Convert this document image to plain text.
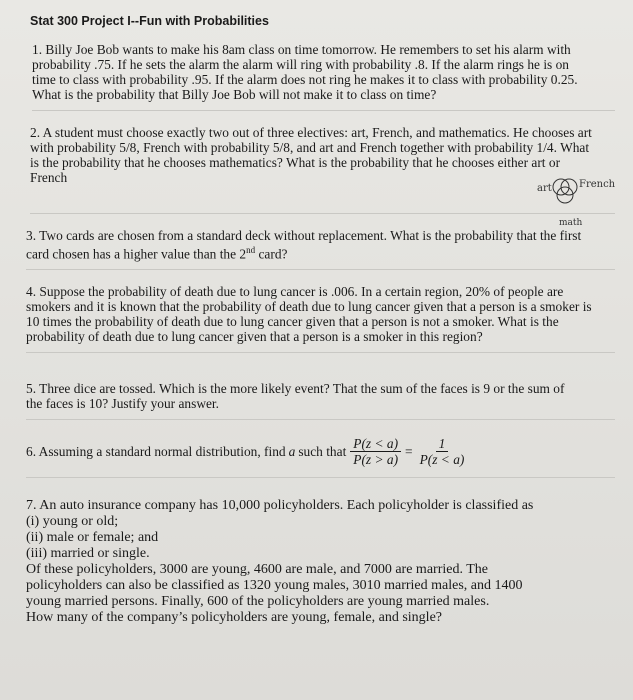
Stat 300 Project I--Fun with Probabilities
1. Billy Joe Bob wants to make his 8am class on time tomorrow. He remembers to set his alarm with
probability .75. If he sets the alarm the alarm will ring with probability .8. If the alarm rings he is on
time to class with probability .95. If the alarm does not ring he makes it to class with probability 0.25.
What is the probability that Billy Joe Bob will not make it to class on time?
2. A student must choose exactly two out of three electives: art, French, and mathematics. He chooses art
with probability 5/8, French with probability 5/8, and art and French together with probability 1/4. What
is the probability that he chooses mathematics? What is the probability that he chooses either art or
French
art	French
math
3. Two cards are chosen from a standard deck without replacement. What is the probability that the first
card chosen has a higher value than the 2nd card?
4. Suppose the probability of death due to lung cancer is .006. In a certain region, 20% of people are
smokers and it is known that the probability of death due to lung cancer given that a person is a smoker is
10 times the probability of death due to lung cancer given that a person is not a smoker. What is the
probability of death due to lung cancer given that a person is a smoker in this region?
5. Three dice are tossed. Which is the more likely event? That the sum of the faces is 9 or the sum of
the faces is 10? Justify your answer.
6. Assuming a standard normal distribution, find a such that $\frac{P(z < a)}{P(z > a)} = \frac{1}{P(z < a)}$
7. An auto insurance company has 10,000 policyholders. Each policyholder is classified as
(i) young or old;
(ii) male or female; and
(iii) married or single.
Of these policyholders, 3000 are young, 4600 are male, and 7000 are married. The
policyholders can also be classified as 1320 young males, 3010 married males, and 1400
young married persons. Finally, 600 of the policyholders are young married males.
How many of the company’s policyholders are young, female, and single?
